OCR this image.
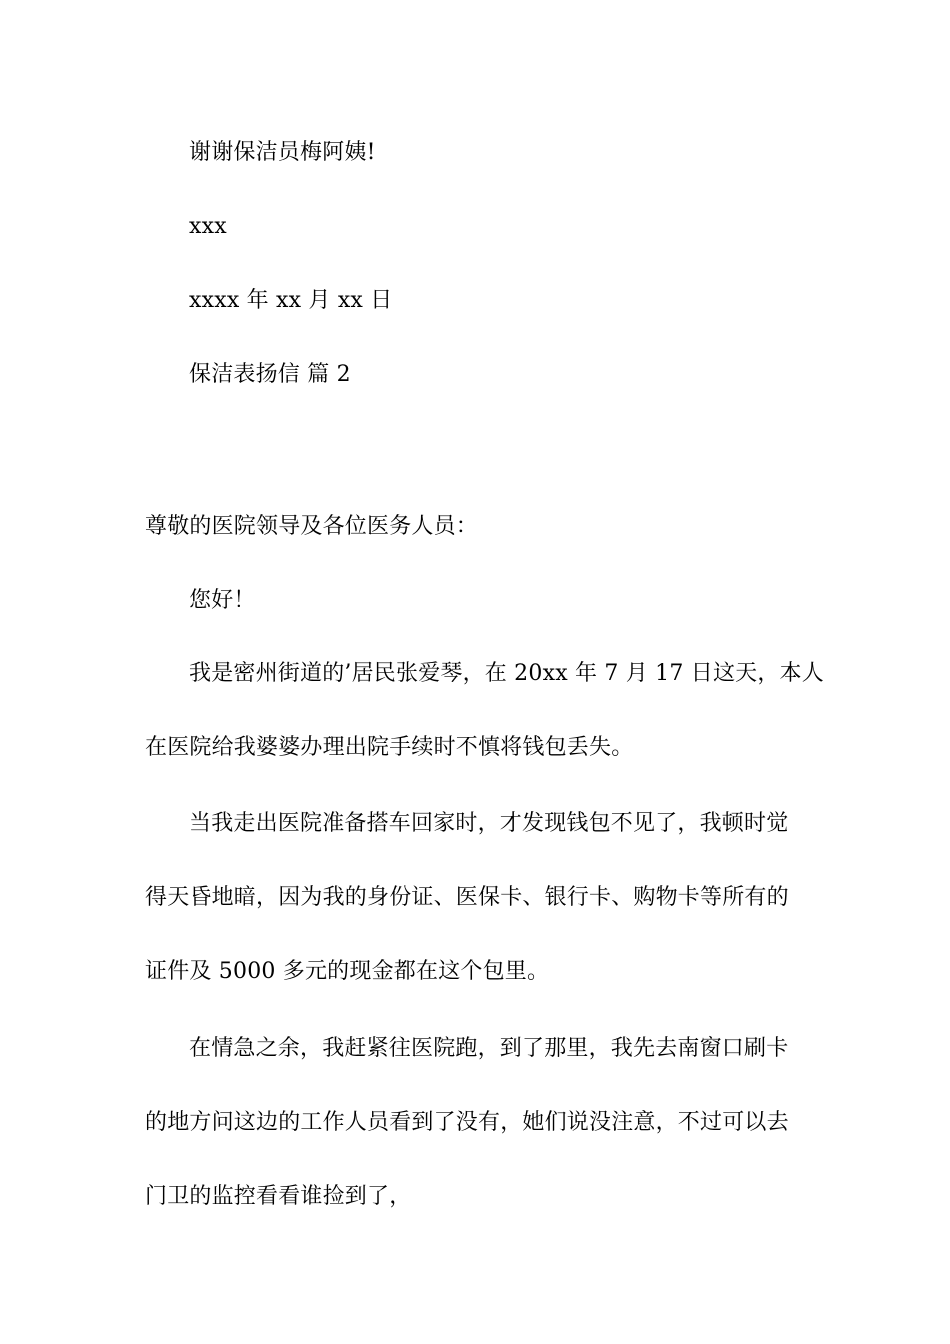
谢谢保洁员梅阿姨!
xxx
xxxx 年 xx 月 xx 日
保洁表扬信 篇 2
尊敬的医院领导及各位医务人员：
您好！
我是密州街道的’居民张爱琴，在 20xx 年 7 月 17 日这天，本人
在医院给我婆婆办理出院手续时不慎将钱包丢失。
当我走出医院准备搭车回家时，才发现钱包不见了，我顿时觉
得天昏地暗，因为我的身份证、医保卡、银行卡、购物卡等所有的
证件及 5000 多元的现金都在这个包里。
在情急之余，我赶紧往医院跑，到了那里，我先去南窗口刷卡
的地方问这边的工作人员看到了没有，她们说没注意，不过可以去
门卫的监控看看谁捡到了，
